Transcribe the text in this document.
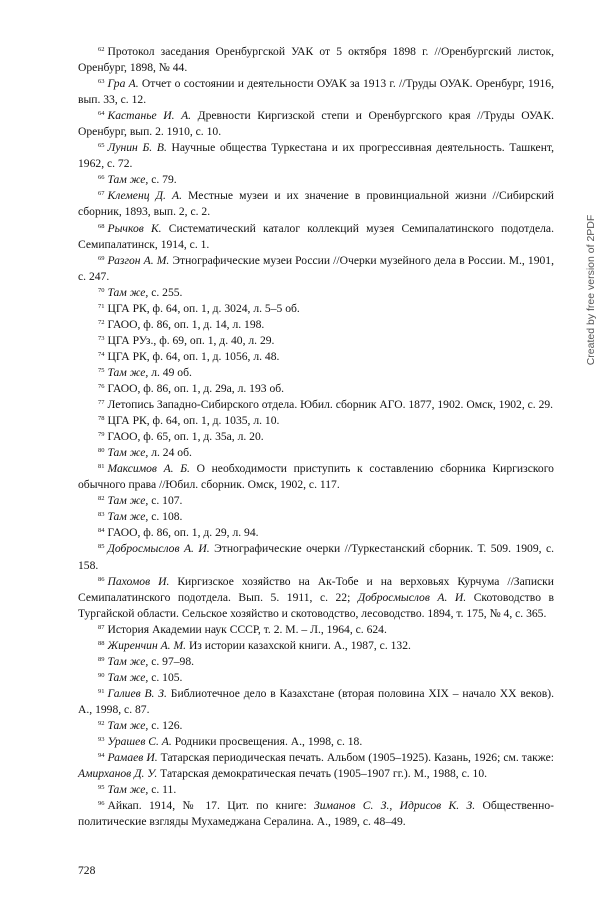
$^{62}$ Протокол заседания Оренбургской УАК от 5 октября 1898 г. //Оренбургский листок, Оренбург, 1898, № 44.

$^{63}$ Гра А. Отчет о состоянии и деятельности ОУАК за 1913 г. //Труды ОУАК. Оренбург, 1916, вып. 33, с. 12.

$^{64}$ Кастанье И. А. Древности Киргизской степи и Оренбургского края //Труды ОУАК. Оренбург, вып. 2. 1910, с. 10.

$^{65}$ Лунин Б. В. Научные общества Туркестана и их прогрессивная деятельность. Ташкент, 1962, с. 72.

$^{66}$ Там же, с. 79.

$^{67}$ Клеменц Д. А. Местные музеи и их значение в провинциальной жизни //Сибирский сборник, 1893, вып. 2, с. 2.

$^{68}$ Рычков К. Систематический каталог коллекций музея Семипалатинского подотдела. Семипалатинск, 1914, с. 1.

$^{69}$ Разгон А. М. Этнографические музеи России //Очерки музейного дела в России. М., 1901, с. 247.

$^{70}$ Там же, с. 255.

$^{71}$ ЦГА РК, ф. 64, оп. 1, д. 3024, л. 5–5 об.

$^{72}$ ГАОО, ф. 86, оп. 1, д. 14, л. 198.

$^{73}$ ЦГА РУз., ф. 69, оп. 1, д. 40, л. 29.

$^{74}$ ЦГА РК, ф. 64, оп. 1, д. 1056, л. 48.

$^{75}$ Там же, л. 49 об.

$^{76}$ ГАОО, ф. 86, оп. 1, д. 29а, л. 193 об.

$^{77}$ Летопись Западно-Сибирского отдела. Юбил. сборник АГО. 1877, 1902. Омск, 1902, с. 29.

$^{78}$ ЦГА РК, ф. 64, оп. 1, д. 1035, л. 10.

$^{79}$ ГАОО, ф. 65, оп. 1, д. 35а, л. 20.

$^{80}$ Там же, л. 24 об.

$^{81}$ Максимов А. Б. О необходимости приступить к составлению сборника Киргизского обычного права //Юбил. сборник. Омск, 1902, с. 117.

$^{82}$ Там же, с. 107.

$^{83}$ Там же, с. 108.

$^{84}$ ГАОО, ф. 86, оп. 1, д. 29, л. 94.

$^{85}$ Добросмыслов А. И. Этнографические очерки //Туркестанский сборник. Т. 509. 1909, с. 158.

$^{86}$ Пахомов И. Киргизское хозяйство на Ак-Тобе и на верховьях Курчума //Записки Семипалатинского подотдела. Вып. 5. 1911, с. 22; Добросмыслов А. И. Скотоводство в Тургайской области. Сельское хозяйство и скотоводство, лесоводство. 1894, т. 175, № 4, с. 365.

$^{87}$ История Академии наук СССР, т. 2. М. – Л., 1964, с. 624.

$^{88}$ Жиренчин А. М. Из истории казахской книги. А., 1987, с. 132.

$^{89}$ Там же, с. 97–98.

$^{90}$ Там же, с. 105.

$^{91}$ Галиев В. З. Библиотечное дело в Казахстане (вторая половина XIX – начало XX веков). А., 1998, с. 87.

$^{92}$ Там же, с. 126.

$^{93}$ Урашев С. А. Родники просвещения. А., 1998, с. 18.

$^{94}$ Рамаев И. Татарская периодическая печать. Альбом (1905–1925). Казань, 1926; см. также: Амирханов Д. У. Татарская демократическая печать (1905–1907 гг.). М., 1988, с. 10.

$^{95}$ Там же, с. 11.

$^{96}$ Айкап. 1914, № 17. Цит. по книге: Зиманов С. З., Идрисов К. З. Общественно-политические взгляды Мухамеджана Сералина. А., 1989, с. 48–49.

728
Created by free version of 2PDF
